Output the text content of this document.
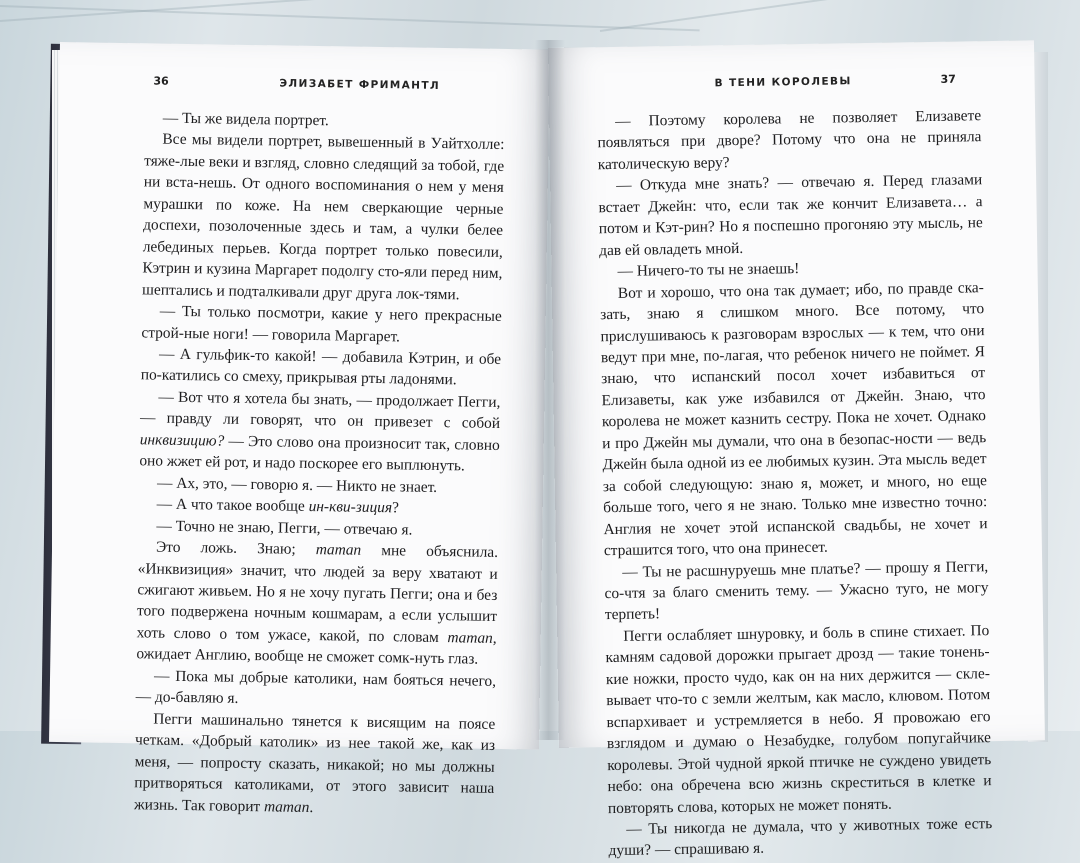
36	ЭЛИЗАБЕТ ФРИМАНТЛ

— Ты же видела портрет.

Все мы видели портрет, вывешенный в Уайтхолле: тяже-лые веки и взгляд, словно следящий за тобой, где ни вста-нешь. От одного воспоминания о нем у меня мурашки по коже. На нем сверкающие черные доспехи, позолоченные здесь и там, а чулки белее лебединых перьев. Когда портрет только повесили, Кэтрин и кузина Маргарет подолгу сто-яли перед ним, шептались и подталкивали друг друга лок-тями.

— Ты только посмотри, какие у него прекрасные строй-ные ноги! — говорила Маргарет.

— А гульфик-то какой! — добавила Кэтрин, и обе по-катились со смеху, прикрывая рты ладонями.

— Вот что я хотела бы знать, — продолжает Пегги, — правду ли говорят, что он привезет с собой инквизицию? — Это слово она произносит так, словно оно жжет ей рот, и надо поскорее его выплюнуть.

— Ах, это, — говорю я. — Никто не знает.

— А что такое вообще ин-кви-зиция?

— Точно не знаю, Пегги, — отвечаю я.

Это ложь. Знаю; maman мне объяснила. «Инквизиция» значит, что людей за веру хватают и сжигают живьем. Но я не хочу пугать Пегги; она и без того подвержена ночным кошмарам, а если услышит хоть слово о том ужасе, какой, по словам maman, ожидает Англию, вообще не сможет сомк-нуть глаз.

— Пока мы добрые католики, нам бояться нечего, — до-бавляю я.

Пегги машинально тянется к висящим на поясе четкам. «Добрый католик» из нее такой же, как из меня, — попросту сказать, никакой; но мы должны притворяться католиками, от этого зависит наша жизнь. Так говорит maman.

В ТЕНИ КОРОЛЕВЫ	37

— Поэтому королева не позволяет Елизавете появляться при дворе? Потому что она не приняла католическую веру?

— Откуда мне знать? — отвечаю я. Перед глазами встает Джейн: что, если так же кончит Елизавета… а потом и Кэт-рин? Но я поспешно прогоняю эту мысль, не дав ей овладеть мной.

— Ничего-то ты не знаешь!

Вот и хорошо, что она так думает; ибо, по правде ска-зать, знаю я слишком много. Все потому, что прислушиваюсь к разговорам взрослых — к тем, что они ведут при мне, по-лагая, что ребенок ничего не поймет. Я знаю, что испанский посол хочет избавиться от Елизаветы, как уже избавился от Джейн. Знаю, что королева не может казнить сестру. Пока не хочет. Однако и про Джейн мы думали, что она в безопас-ности — ведь Джейн была одной из ее любимых кузин. Эта мысль ведет за собой следующую: знаю я, может, и много, но еще больше того, чего я не знаю. Только мне известно точно: Англия не хочет этой испанской свадьбы, не хочет и страшится того, что она принесет.

— Ты не расшнуруешь мне платье? — прошу я Пегги, со-чтя за благо сменить тему. — Ужасно туго, не могу терпеть!

Пегги ослабляет шнуровку, и боль в спине стихает. По камням садовой дорожки прыгает дрозд — такие тонень-кие ножки, просто чудо, как он на них держится — скле-вывает что-то с земли желтым, как масло, клювом. Потом вспархивает и устремляется в небо. Я провожаю его взглядом и думаю о Незабудке, голубом попугайчике королевы. Этой чудной яркой птичке не суждено увидеть небо: она обречена всю жизнь скреститься в клетке и повторять слова, которых не может понять.

— Ты никогда не думала, что у животных тоже есть души? — спрашиваю я.
